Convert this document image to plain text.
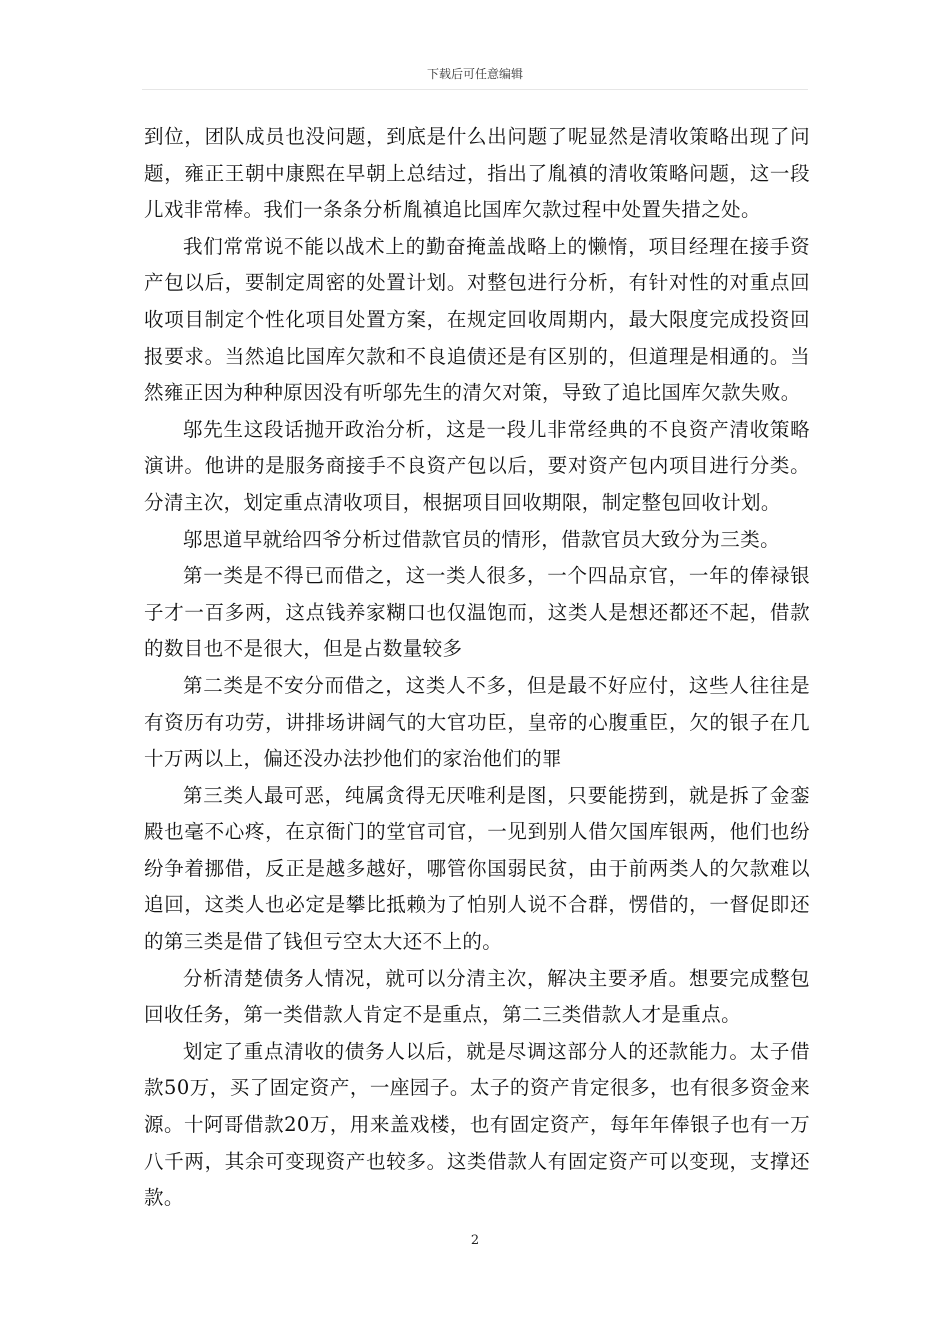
下载后可任意编辑

到位，团队成员也没问题，到底是什么出问题了呢显然是清收策略出现了问题，雍正王朝中康熙在早朝上总结过，指出了胤禛的清收策略问题，这一段儿戏非常棒。我们一条条分析胤禛追比国库欠款过程中处置失措之处。

我们常常说不能以战术上的勤奋掩盖战略上的懒惰，项目经理在接手资产包以后，要制定周密的处置计划。对整包进行分析，有针对性的对重点回收项目制定个性化项目处置方案，在规定回收周期内，最大限度完成投资回报要求。当然追比国库欠款和不良追债还是有区别的，但道理是相通的。当然雍正因为种种原因没有听邬先生的清欠对策，导致了追比国库欠款失败。

邬先生这段话抛开政治分析，这是一段儿非常经典的不良资产清收策略演讲。他讲的是服务商接手不良资产包以后，要对资产包内项目进行分类。分清主次，划定重点清收项目，根据项目回收期限，制定整包回收计划。

邬思道早就给四爷分析过借款官员的情形，借款官员大致分为三类。

第一类是不得已而借之，这一类人很多，一个四品京官，一年的俸禄银子才一百多两，这点钱养家糊口也仅温饱而，这类人是想还都还不起，借款的数目也不是很大，但是占数量较多

第二类是不安分而借之，这类人不多，但是最不好应付，这些人往往是有资历有功劳，讲排场讲阔气的大官功臣，皇帝的心腹重臣，欠的银子在几十万两以上，偏还没办法抄他们的家治他们的罪

第三类人最可恶，纯属贪得无厌唯利是图，只要能捞到，就是拆了金銮殿也毫不心疼，在京衙门的堂官司官，一见到别人借欠国库银两，他们也纷纷争着挪借，反正是越多越好，哪管你国弱民贫，由于前两类人的欠款难以追回，这类人也必定是攀比抵赖为了怕别人说不合群，愣借的，一督促即还的第三类是借了钱但亏空太大还不上的。

分析清楚债务人情况，就可以分清主次，解决主要矛盾。想要完成整包回收任务，第一类借款人肯定不是重点，第二三类借款人才是重点。

划定了重点清收的债务人以后，就是尽调这部分人的还款能力。太子借款50万，买了固定资产，一座园子。太子的资产肯定很多，也有很多资金来源。十阿哥借款20万，用来盖戏楼，也有固定资产，每年年俸银子也有一万八千两，其余可变现资产也较多。这类借款人有固定资产可以变现，支撑还款。

2
